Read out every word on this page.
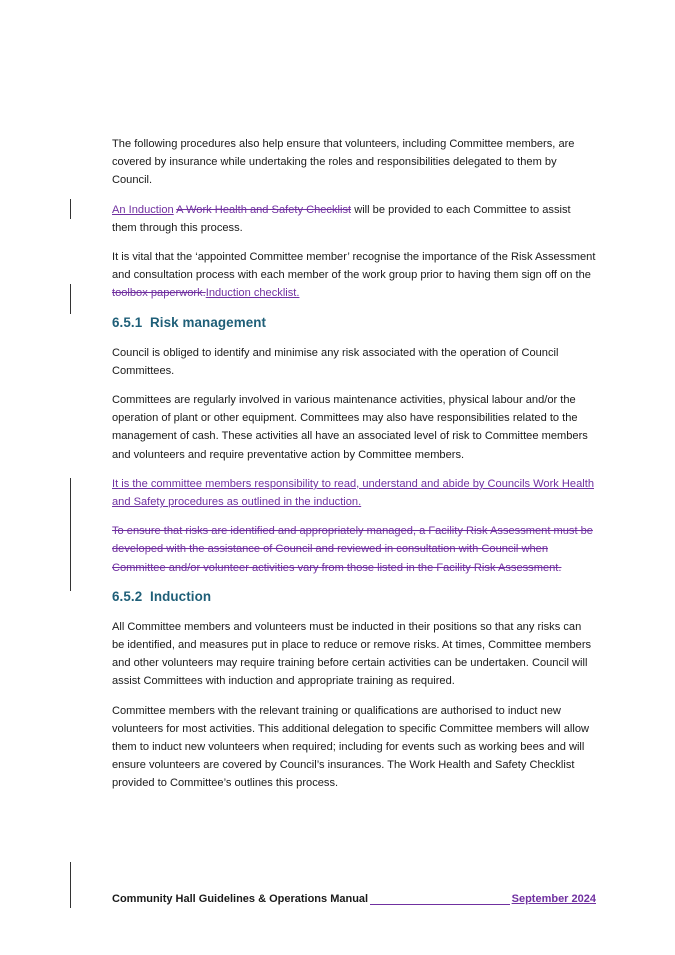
The following procedures also help ensure that volunteers, including Committee members, are covered by insurance while undertaking the roles and responsibilities delegated to them by Council.

An Induction A Work Health and Safety Checklist will be provided to each Committee to assist them through this process.

It is vital that the ‘appointed Committee member’ recognise the importance of the Risk Assessment and consultation process with each member of the work group prior to having them sign off on the toolbox paperwork.Induction checklist.

6.5.1 Risk management

Council is obliged to identify and minimise any risk associated with the operation of Council Committees.

Committees are regularly involved in various maintenance activities, physical labour and/or the operation of plant or other equipment. Committees may also have responsibilities related to the management of cash. These activities all have an associated level of risk to Committee members and volunteers and require preventative action by Committee members.

It is the committee members responsibility to read, understand and abide by Councils Work Health and Safety procedures as outlined in the induction.

To ensure that risks are identified and appropriately managed, a Facility Risk Assessment must be developed with the assistance of Council and reviewed in consultation with Council when Committee and/or volunteer activities vary from those listed in the Facility Risk Assessment.

6.5.2 Induction

All Committee members and volunteers must be inducted in their positions so that any risks can be identified, and measures put in place to reduce or remove risks. At times, Committee members and other volunteers may require training before certain activities can be undertaken. Council will assist Committees with induction and appropriate training as required.

Committee members with the relevant training or qualifications are authorised to induct new volunteers for most activities. This additional delegation to specific Committee members will allow them to induct new volunteers when required; including for events such as working bees and will ensure volunteers are covered by Council’s insurances. The Work Health and Safety Checklist provided to Committee’s outlines this process.

Community Hall Guidelines & Operations Manual	September 2024
